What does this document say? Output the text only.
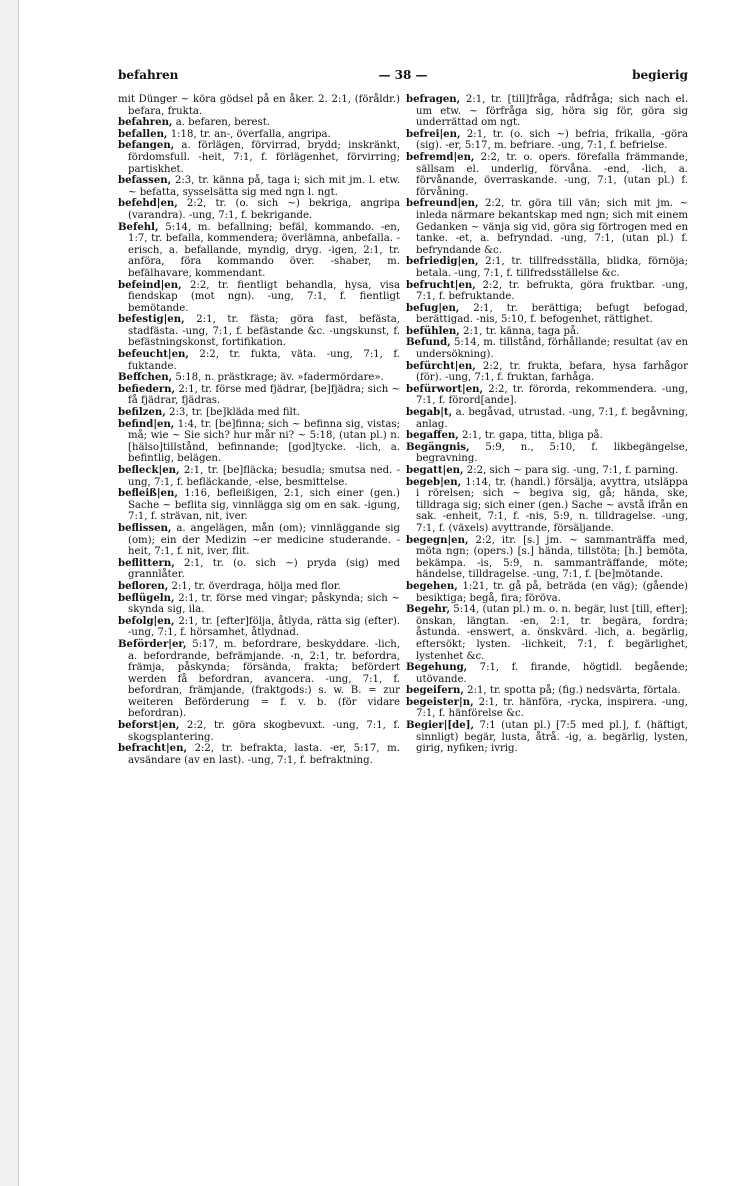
befahren	— 38 —	begierig

mit Dünger ~ köra gödsel på en åker. 2. 2:1, (föråldr.) befara, frukta.

befahren, a. befaren, berest.

befallen, 1:18, tr. an-, överfalla, angripa.

befangen, a. förlägen, förvirrad, brydd; inskränkt, fördomsfull. -heit, 7:1, f. förlägenhet, förvirring; partiskhet.

befassen, 2:3, tr. känna på, taga i; sich mit jm. l. etw. ~ befatta, sysselsätta sig med ngn l. ngt.

befehd|en, 2:2, tr. (o. sich ~) bekriga, angripa (varandra). -ung, 7:1, f. bekrigande.

Befehl, 5:14, m. befallning; befäl, kommando. -en, 1:7, tr. befalla, kommendera; överlämna, anbefalla. -erisch, a. befallande, myndig, dryg. -igen, 2:1, tr. anföra, föra kommando över. -shaber, m. befälhavare, kommendant.

befeind|en, 2:2, tr. fientligt behandla, hysa, visa fiendskap (mot ngn). -ung, 7:1, f. fientligt bemötande.

befestig|en, 2:1, tr. fästa; göra fast, befästa, stadfästa. -ung, 7:1, f. befästande &c. -ungskunst, f. befästningskonst, fortifikation.

befeucht|en, 2:2, tr. fukta, väta. -ung, 7:1, f. fuktande.

Beffchen, 5:18, n. prästkrage; äv. »fadermördare».

befiedern, 2:1, tr. förse med fjädrar, [be]fjädra; sich ~ få fjädrar, fjädras.

befilzen, 2:3, tr. [be]kläda med filt.

befind|en, 1:4, tr. [be]finna; sich ~ befinna sig, vistas; må; wie ~ Sie sich? hur mår ni? ~ 5:18, (utan pl.) n. [hälso]tillstånd, befinnande; [god]tycke. -lich, a. befintlig, belägen.

befleck|en, 2:1, tr. [be]fläcka; besudla; smutsa ned. -ung, 7:1, f. befläckande, -else, besmittelse.

befleiß|en, 1:16, befleißigen, 2:1, sich einer (gen.) Sache ~ beflita sig, vinnlägga sig om en sak. -igung, 7:1, f. strävan, nit, iver.

beflissen, a. angelägen, mån (om); vinnläggande sig (om); ein der Medizin ~er medicine studerande. -heit, 7:1, f. nit, iver, flit.

beflittern, 2:1, tr. (o. sich ~) pryda (sig) med grannlåter.

befloren, 2:1, tr. överdraga, hölja med flor.

beflügeln, 2:1, tr. förse med vingar; påskynda; sich ~ skynda sig, ila.

befolg|en, 2:1, tr. [efter]följa, åtlyda, rätta sig (efter). -ung, 7:1, f. hörsamhet, åtlydnad.

Beförder|er, 5:17, m. befordrare, beskyddare. -lich, a. befordrande, befrämjande. -n, 2:1, tr. befordra, främja, påskynda; försända, frakta; befördert werden få befordran, avancera. -ung, 7:1, f. befordran, främjande, (fraktgods:) s. w. B. = zur weiteren Beförderung = f. v. b. (för vidare befordran).

beforst|en, 2:2, tr. göra skogbevuxt. -ung, 7:1, f. skogsplantering.

befracht|en, 2:2, tr. befrakta, lasta. -er, 5:17, m. avsändare (av en last). -ung, 7:1, f. befraktning.

befragen, 2:1, tr. [till]fråga, rådfråga; sich nach el. um etw. ~ förfråga sig, höra sig för, göra sig underrättad om ngt.

befrei|en, 2:1, tr. (o. sich ~) befria, frikalla, -göra (sig). -er, 5:17, m. befriare. -ung, 7:1, f. befrielse.

befremd|en, 2:2, tr. o. opers. förefalla främmande, sällsam el. underlig, förvåna. -end, -lich, a. förvånande, överraskande. -ung, 7:1, (utan pl.) f. förvåning.

befreund|en, 2:2, tr. göra till vän; sich mit jm. ~ inleda närmare bekantskap med ngn; sich mit einem Gedanken ~ vänja sig vid, göra sig förtrogen med en tanke. -et, a. befryndad. -ung, 7:1, (utan pl.) f. befryndande &c.

befriedig|en, 2:1, tr. tillfredsställa, blidka, förnöja; betala. -ung, 7:1, f. tillfredsställelse &c.

befrucht|en, 2:2, tr. befrukta, göra fruktbar. -ung, 7:1, f. befruktande.

befug|en, 2:1, tr. berättiga; befugt befogad, berättigad. -nis, 5:10, f. befogenhet, rättighet.

befühlen, 2:1, tr. känna, taga på.

Befund, 5:14, m. tillstånd, förhållande; resultat (av en undersökning).

befürcht|en, 2:2, tr. frukta, befara, hysa farhågor (för). -ung, 7:1, f. fruktan, farhåga.

befürwort|en, 2:2, tr. förorda, rekommendera. -ung, 7:1, f. förord[ande].

begab|t, a. begåvad, utrustad. -ung, 7:1, f. begåvning, anlag.

begaffen, 2:1, tr. gapa, titta, bliga på.

Begängnis, 5:9, n., 5:10, f. likbegängelse, begravning.

begatt|en, 2:2, sich ~ para sig. -ung, 7:1, f. parning.

begeb|en, 1:14, tr. (handl.) försälja, avyttra, utsläppa i rörelsen; sich ~ begiva sig, gå; hända, ske, tilldraga sig; sich einer (gen.) Sache ~ avstå ifrån en sak. -enheit, 7:1, f. -nis, 5:9, n. tilldragelse. -ung, 7:1, f. (växels) avyttrande, försäljande.

begegn|en, 2:2, itr. [s.] jm. ~ sammanträffa med, möta ngn; (opers.) [s.] hända, tillstöta; [h.] bemöta, bekämpa. -is, 5:9, n. sammanträffande, möte; händelse, tilldragelse. -ung, 7:1, f. [be]mötande.

begehen, 1:21, tr. gå på, beträda (en väg); (gående) besiktiga; begå, fira; föröva.

Begehr, 5:14, (utan pl.) m. o. n. begär, lust [till, efter]; önskan, längtan. -en, 2:1, tr. begära, fordra; åstunda. -enswert, a. önskvärd. -lich, a. begärlig, eftersökt; lysten. -lichkeit, 7:1, f. begärlighet, lystenhet &c.

Begehung, 7:1, f. firande, högtidl. begående; utövande.

begeifern, 2:1, tr. spotta på; (fig.) nedsvärta, förtala.

begeister|n, 2:1, tr. hänföra, -rycka, inspirera. -ung, 7:1, f. hänförelse &c.

Begier|[de], 7:1 (utan pl.) [7:5 med pl.], f. (häftigt, sinnligt) begär, lusta, åtrå. -ig, a. begärlig, lysten, girig, nyfiken; ivrig.
